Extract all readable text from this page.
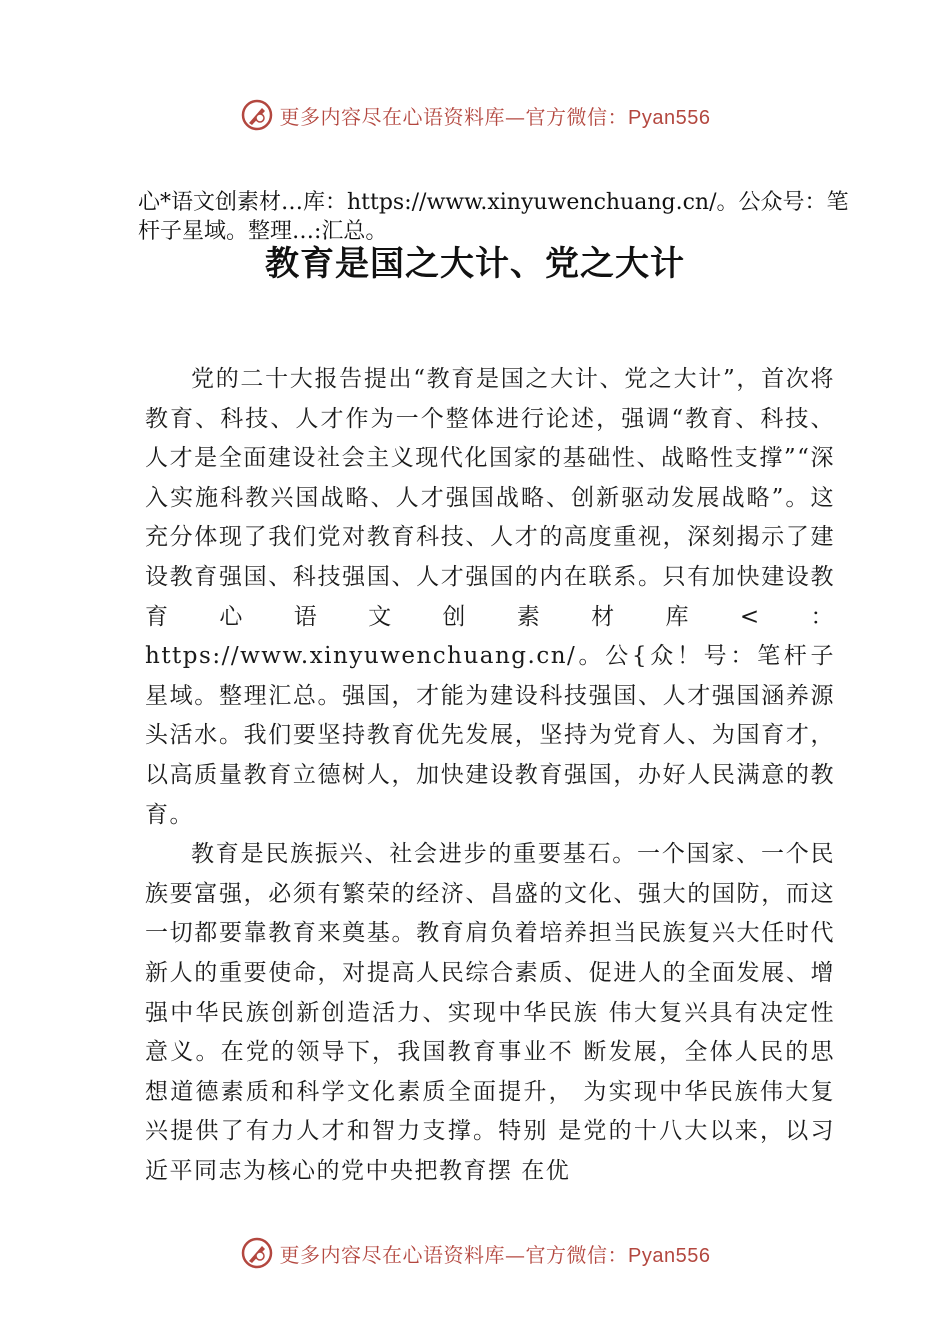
更多内容尽在心语资料库—官方微信：Pyan556
心*语文创素材…库：https://www.xinyuwenchuang.cn/。公众号：笔杆子星域。整理…:汇总。
教育是国之大计、党之大计

党的二十大报告提出“教育是国之大计、党之大计”，首次将教育、科技、人才作为一个整体进行论述，强调“教育、科技、人才是全面建设社会主义现代化国家的基础性、战略性支撑”“深入实施科教兴国战略、人才强国战略、创新驱动发展战略”。这充分体现了我们党对教育科技、人才的高度重视，深刻揭示了建设教育强国、科技强国、人才强国的内在联系。只有加快建设教育心语文创素材库<：https://www.xinyuwenchuang.cn/。公{众！号：笔杆子星域。整理汇总。强国，才能为建设科技强国、人才强国涵养源头活水。我们要坚持教育优先发展，坚持为党育人、为国育才，以高质量教育立德树人，加快建设教育强国，办好人民满意的教育。

教育是民族振兴、社会进步的重要基石。一个国家、一个民族要富强，必须有繁荣的经济、昌盛的文化、强大的国防，而这一切都要靠教育来奠基。教育肩负着培养担当民族复兴大任时代新人的重要使命，对提高人民综合素质、促进人的全面发展、增强中华民族创新创造活力、实现中华民族 伟大复兴具有决定性意义。在党的领导下，我国教育事业不 断发展，全体人民的思想道德素质和科学文化素质全面提升， 为实现中华民族伟大复兴提供了有力人才和智力支撑。特别 是党的十八大以来，以习近平同志为核心的党中央把教育摆 在优

更多内容尽在心语资料库—官方微信：Pyan556
